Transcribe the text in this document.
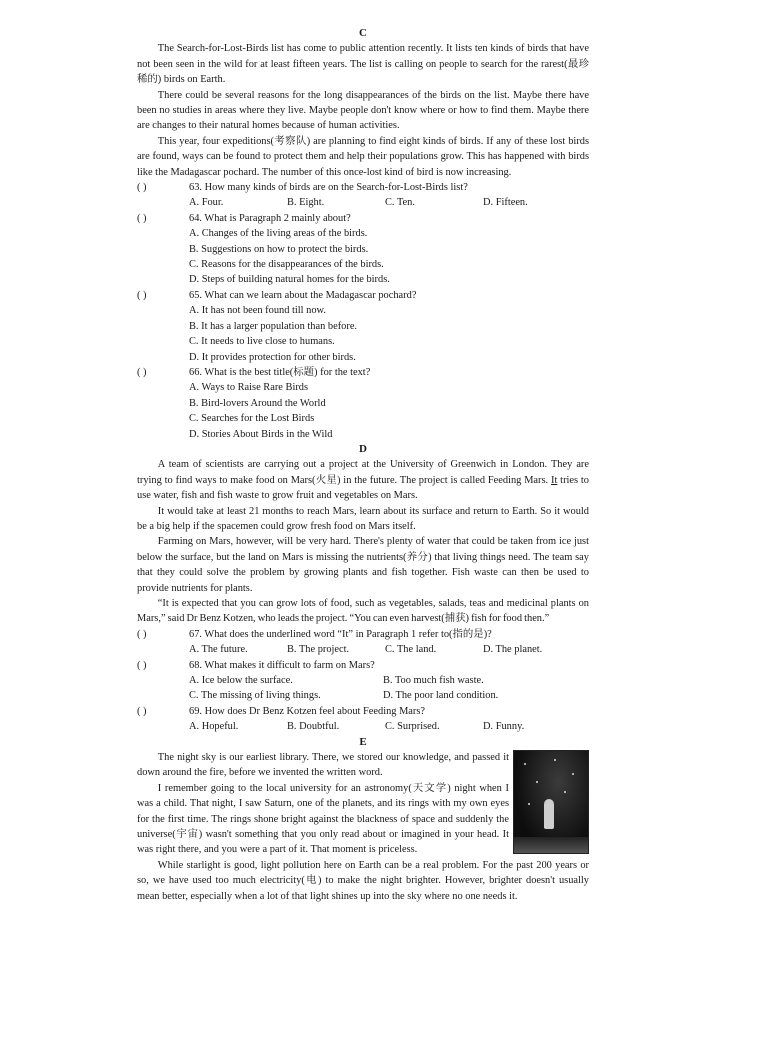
C

The Search-for-Lost-Birds list has come to public attention recently. It lists ten kinds of birds that have not been seen in the wild for at least fifteen years. The list is calling on people to search for the rarest(最珍稀的) birds on Earth.

There could be several reasons for the long disappearances of the birds on the list. Maybe there have been no studies in areas where they live. Maybe people don't know where or how to find them. Maybe there are changes to their natural homes because of human activities.

This year, four expeditions(考察队) are planning to find eight kinds of birds. If any of these lost birds are found, ways can be found to protect them and help their populations grow. This has happened with birds like the Madagascar pochard. The number of this once-lost kind of bird is now increasing.

( )	63. How many kinds of birds are on the Search-for-Lost-Birds list?
A. Four.	B. Eight.	C. Ten.	D. Fifteen.
( )	64. What is Paragraph 2 mainly about?
A. Changes of the living areas of the birds.
B. Suggestions on how to protect the birds.
C. Reasons for the disappearances of the birds.
D. Steps of building natural homes for the birds.
( )	65. What can we learn about the Madagascar pochard?
A. It has not been found till now.
B. It has a larger population than before.
C. It needs to live close to humans.
D. It provides protection for other birds.
( )	66. What is the best title(标题) for the text?
A. Ways to Raise Rare Birds
B. Bird-lovers Around the World
C. Searches for the Lost Birds
D. Stories About Birds in the Wild
D

A team of scientists are carrying out a project at the University of Greenwich in London. They are trying to find ways to make food on Mars(火星) in the future. The project is called Feeding Mars. It tries to use water, fish and fish waste to grow fruit and vegetables on Mars.

It would take at least 21 months to reach Mars, learn about its surface and return to Earth. So it would be a big help if the spacemen could grow fresh food on Mars itself.

Farming on Mars, however, will be very hard. There's plenty of water that could be taken from ice just below the surface, but the land on Mars is missing the nutrients(养分) that living things need. The team say that they could solve the problem by growing plants and fish together. Fish waste can then be used to provide nutrients for plants.

“It is expected that you can grow lots of food, such as vegetables, salads, teas and medicinal plants on Mars,” said Dr Benz Kotzen, who leads the project. “You can even harvest(捕获) fish for food then.”

( )	67. What does the underlined word “It” in Paragraph 1 refer to(指的是)?
A. The future.	B. The project.	C. The land.	D. The planet.
( )	68. What makes it difficult to farm on Mars?
A. Ice below the surface.	B. Too much fish waste.
C. The missing of living things.	D. The poor land condition.
( )	69. How does Dr Benz Kotzen feel about Feeding Mars?
A. Hopeful.	B. Doubtful.	C. Surprised.	D. Funny.
E

The night sky is our earliest library. There, we stored our knowledge, and passed it down around the fire, before we invented the written word.

I remember going to the local university for an astronomy(天文学) night when I was a child. That night, I saw Saturn, one of the planets, and its rings with my own eyes for the first time. The rings shone bright against the blackness of space and suddenly the universe(宇宙) wasn't something that you only read about or imagined in your head. It was right there, and you were a part of it. That moment is priceless.

While starlight is good, light pollution here on Earth can be a real problem. For the past 200 years or so, we have used too much electricity(电) to make the night brighter. However, brighter doesn't usually mean better, especially when a lot of that light shines up into the sky where no one needs it.
